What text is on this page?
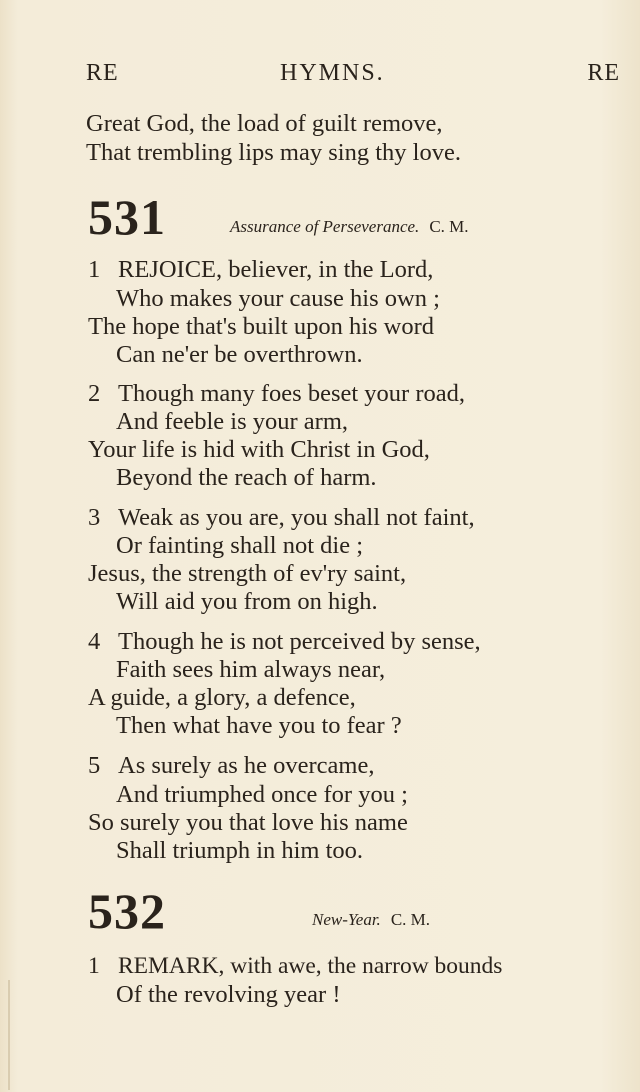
RE	HYMNS.	RE
Great God, the load of guilt remove,
That trembling lips may sing thy love.
531	Assurance of Perseverance. C. M.
1 REJOICE, believer, in the Lord,
Who makes your cause his own ;
The hope that's built upon his word
Can ne'er be overthrown.
2 Though many foes beset your road,
And feeble is your arm,
Your life is hid with Christ in God,
Beyond the reach of harm.
3 Weak as you are, you shall not faint,
Or fainting shall not die ;
Jesus, the strength of ev'ry saint,
Will aid you from on high.
4 Though he is not perceived by sense,
Faith sees him always near,
A guide, a glory, a defence,
Then what have you to fear ?
5 As surely as he overcame,
And triumphed once for you ;
So surely you that love his name
Shall triumph in him too.
532	New-Year. C. M.
1 REMARK, with awe, the narrow bounds
Of the revolving year !
